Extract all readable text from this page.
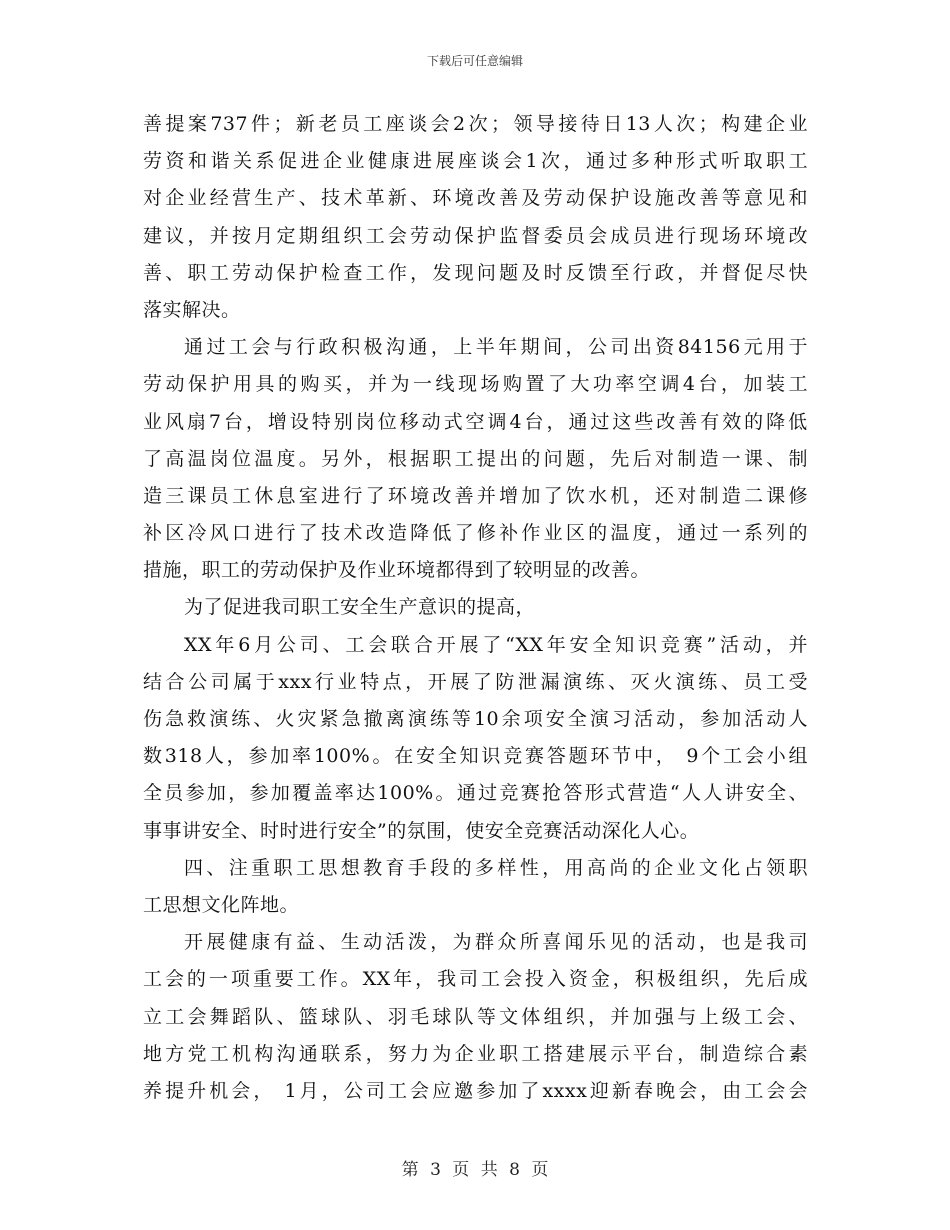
下载后可任意编辑
善提案737件；新老员工座谈会2次；领导接待日13人次；构建企业
劳资和谐关系促进企业健康进展座谈会1次，通过多种形式听取职工
对企业经营生产、技术革新、环境改善及劳动保护设施改善等意见和
建议，并按月定期组织工会劳动保护监督委员会成员进行现场环境改
善、职工劳动保护检查工作，发现问题及时反馈至行政，并督促尽快
落实解决。
通过工会与行政积极沟通，上半年期间，公司出资84156元用于
劳动保护用具的购买，并为一线现场购置了大功率空调4台，加装工
业风扇7台，增设特别岗位移动式空调4台，通过这些改善有效的降低
了高温岗位温度。另外，根据职工提出的问题，先后对制造一课、制
造三课员工休息室进行了环境改善并增加了饮水机，还对制造二课修
补区冷风口进行了技术改造降低了修补作业区的温度，通过一系列的
措施，职工的劳动保护及作业环境都得到了较明显的改善。
为了促进我司职工安全生产意识的提高，
XX年6月公司、工会联合开展了“XX年安全知识竞赛”活动，并
结合公司属于xxx行业特点，开展了防泄漏演练、灭火演练、员工受
伤急救演练、火灾紧急撤离演练等10余项安全演习活动，参加活动人
数318人，参加率100%。在安全知识竞赛答题环节中， 9个工会小组
全员参加，参加覆盖率达100%。通过竞赛抢答形式营造“人人讲安全、
事事讲安全、时时进行安全”的氛围，使安全竞赛活动深化人心。
四、注重职工思想教育手段的多样性，用高尚的企业文化占领职
工思想文化阵地。
开展健康有益、生动活泼，为群众所喜闻乐见的活动，也是我司
工会的一项重要工作。XX年，我司工会投入资金，积极组织，先后成
立工会舞蹈队、篮球队、羽毛球队等文体组织，并加强与上级工会、
地方党工机构沟通联系，努力为企业职工搭建展示平台，制造综合素
养提升机会， 1月，公司工会应邀参加了xxxx迎新春晚会，由工会会
第 3 页 共 8 页
